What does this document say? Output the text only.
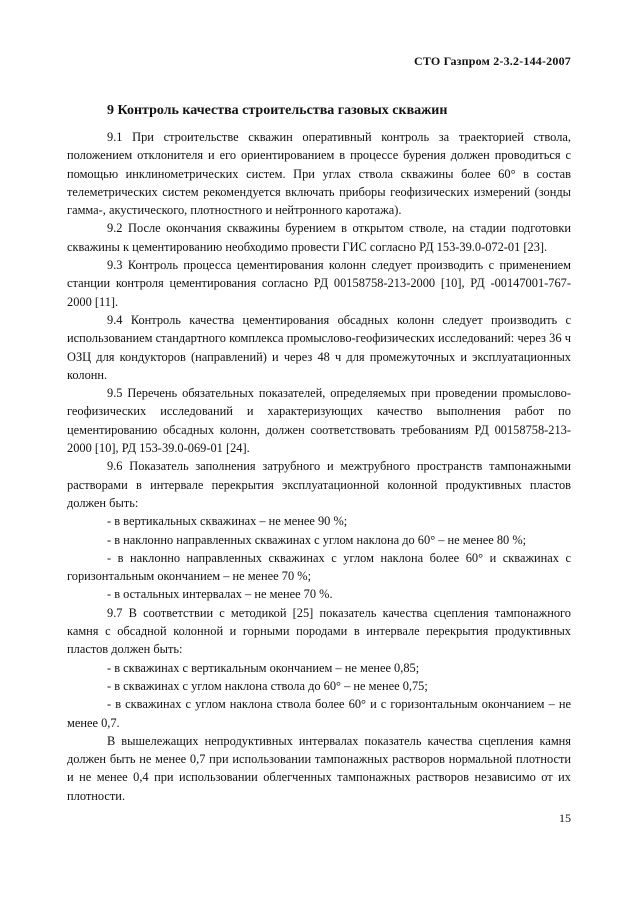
СТО Газпром 2-3.2-144-2007
9 Контроль качества строительства газовых скважин

9.1 При строительстве скважин оперативный контроль за траекторией ствола, положением отклонителя и его ориентированием в процессе бурения должен проводиться с помощью инклинометрических систем. При углах ствола скважины более 60° в состав телеметрических систем рекомендуется включать приборы геофизических измерений (зонды гамма-, акустического, плотностного и нейтронного каротажа).

9.2 После окончания скважины бурением в открытом стволе, на стадии подготовки скважины к цементированию необходимо провести ГИС согласно РД 153-39.0-072-01 [23].

9.3 Контроль процесса цементирования колонн следует производить с применением станции контроля цементирования согласно РД 00158758-213-2000 [10], РД -00147001-767-2000 [11].

9.4 Контроль качества цементирования обсадных колонн следует производить с использованием стандартного комплекса промыслово-геофизических исследований: через 36 ч ОЗЦ для кондукторов (направлений) и через 48 ч для промежуточных и эксплуатационных колонн.

9.5 Перечень обязательных показателей, определяемых при проведении промыслово-геофизических исследований и характеризующих качество выполнения работ по цементированию обсадных колонн, должен соответствовать требованиям РД 00158758-213-2000 [10], РД 153-39.0-069-01 [24].

9.6 Показатель заполнения затрубного и межтрубного пространств тампонажными растворами в интервале перекрытия эксплуатационной колонной продуктивных пластов должен быть:

- в вертикальных скважинах – не менее 90 %;

- в наклонно направленных скважинах с углом наклона до 60° – не менее 80 %;

- в наклонно направленных скважинах с углом наклона более 60° и скважинах с горизонтальным окончанием – не менее 70 %;

- в остальных интервалах – не менее 70 %.

9.7 В соответствии с методикой [25] показатель качества сцепления тампонажного камня с обсадной колонной и горными породами в интервале перекрытия продуктивных пластов должен быть:

- в скважинах с вертикальным окончанием – не менее 0,85;

- в скважинах с углом наклона ствола до 60° – не менее 0,75;

- в скважинах с углом наклона ствола более 60° и с горизонтальным окончанием – не менее 0,7.

В вышележащих непродуктивных интервалах показатель качества сцепления камня должен быть не менее 0,7 при использовании тампонажных растворов нормальной плотности и не менее 0,4 при использовании облегченных тампонажных растворов независимо от их плотности.

15
